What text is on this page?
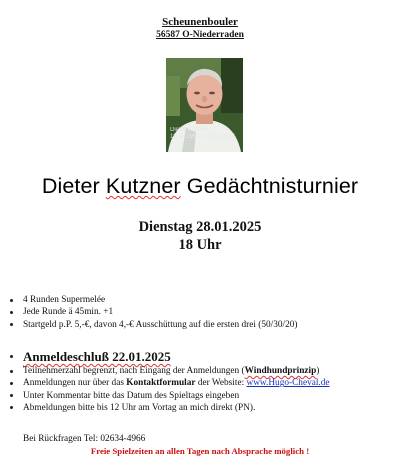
Scheunenbouler
56587 O-Niederraden
Dieter Kutzner
18 11.1951 - 22.12.2024
Dieter Kutzner Gedächtnisturnier
Dienstag 28.01.2025
18 Uhr
4 Runden Supermelée
Jede Runde ä 45min. +1
Startgeld p.P. 5,-€, davon 4,-€ Ausschüttung auf die ersten drei (50/30/20)
Anmeldeschluß 22.01.2025
Teilnehmerzahl begrenzt, nach Eingang der Anmeldungen (Windhundprinzip)
Anmeldungen nur über das Kontaktformular der Website: www.Hugo-Cheval.de
Unter Kommentar bitte das Datum des Spieltags eingeben
Abmeldungen bitte bis 12 Uhr am Vortag an mich direkt (PN).
Bei Rückfragen Tel: 02634-4966
Freie Spielzeiten an allen Tagen nach Absprache möglich !
